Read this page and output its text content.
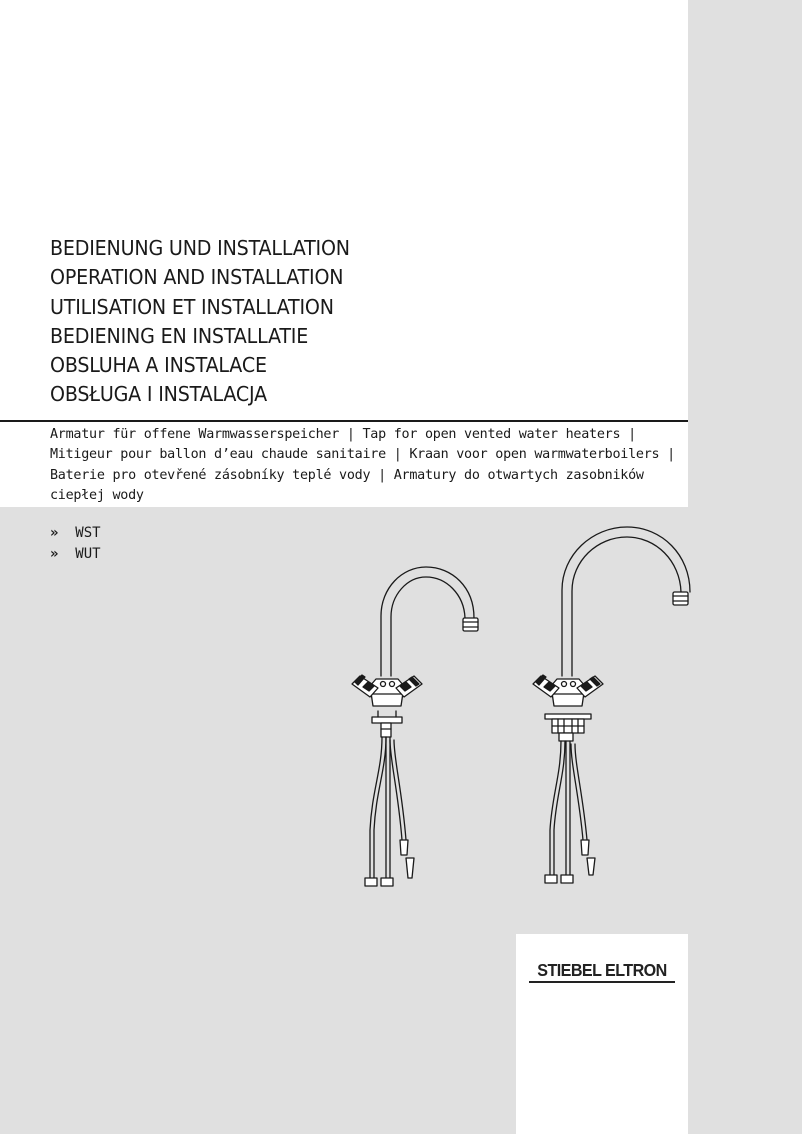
BEDIENUNG UND INSTALLATION
OPERATION AND INSTALLATION
UTILISATION ET INSTALLATION
BEDIENING EN INSTALLATIE
OBSLUHA A INSTALACE
OBSŁUGA I INSTALACJA
Armatur für offene Warmwasserspeicher | Tap for open vented water heaters |
Mitigeur pour ballon d’eau chaude sanitaire | Kraan voor open warmwaterboilers |
Baterie pro otevřené zásobníky teplé vody | Armatury do otwartych zasobników
ciepłej wody
» WST
» WUT
STIEBEL ELTRON
